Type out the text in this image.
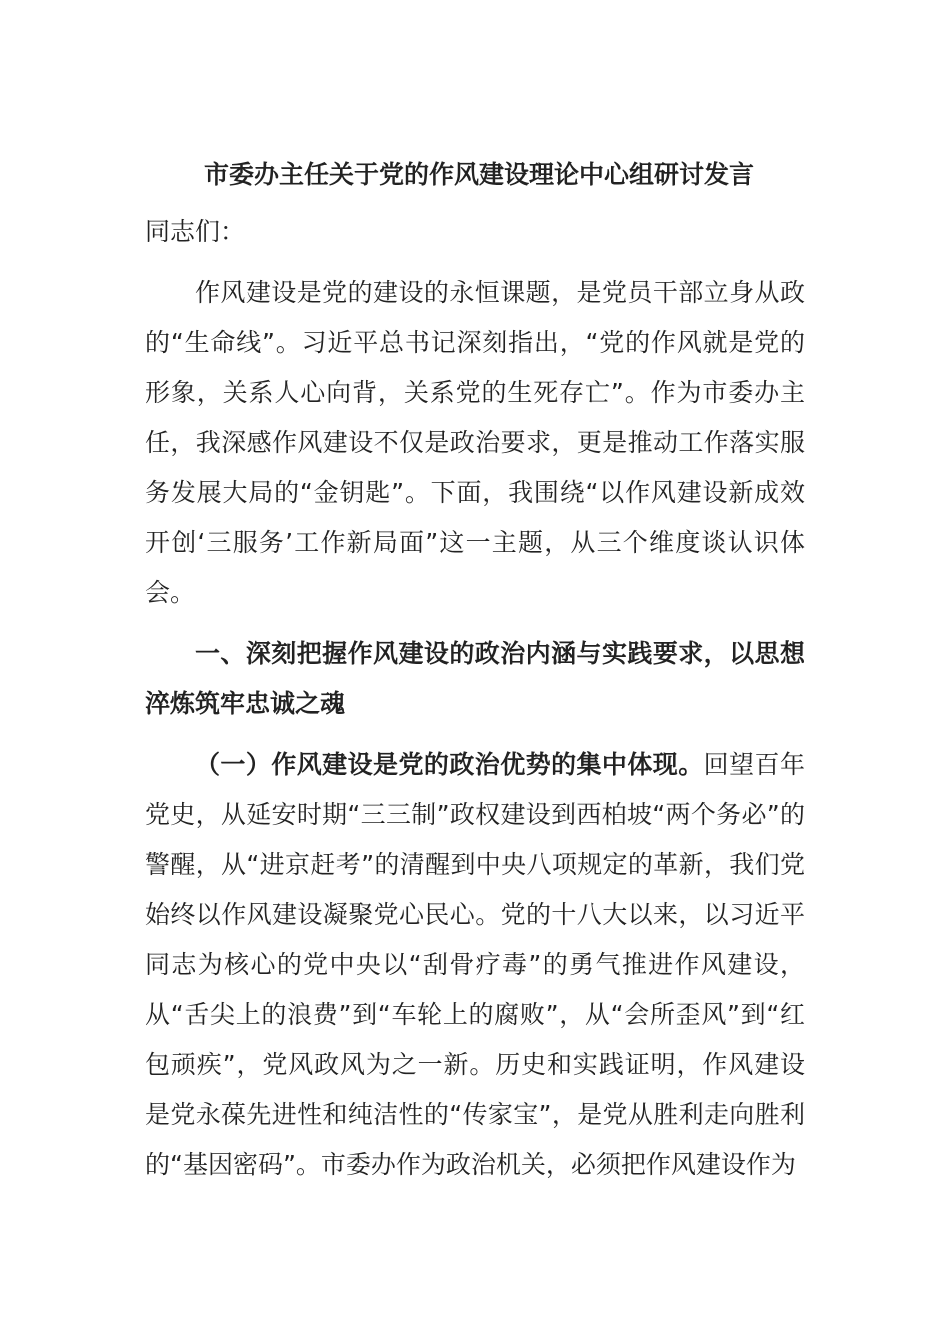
市委办主任关于党的作风建设理论中心组研讨发言
同志们：

作风建设是党的建设的永恒课题，是党员干部立身从政的“生命线”。习近平总书记深刻指出，“党的作风就是党的形象，关系人心向背，关系党的生死存亡”。作为市委办主任，我深感作风建设不仅是政治要求，更是推动工作落实服务发展大局的“金钥匙”。下面，我围绕“以作风建设新成效开创‘三服务’工作新局面”这一主题，从三个维度谈认识体会。

一、深刻把握作风建设的政治内涵与实践要求，以思想淬炼筑牢忠诚之魂

（一）作风建设是党的政治优势的集中体现。回望百年党史，从延安时期“三三制”政权建设到西柏坡“两个务必”的警醒，从“进京赶考”的清醒到中央八项规定的革新，我们党始终以作风建设凝聚党心民心。党的十八大以来，以习近平同志为核心的党中央以“刮骨疗毒”的勇气推进作风建设，从“舌尖上的浪费”到“车轮上的腐败”，从“会所歪风”到“红包顽疾”，党风政风为之一新。历史和实践证明，作风建设是党永葆先进性和纯洁性的“传家宝”，是党从胜利走向胜利的“基因密码”。市委办作为政治机关，必须把作风建设作为
